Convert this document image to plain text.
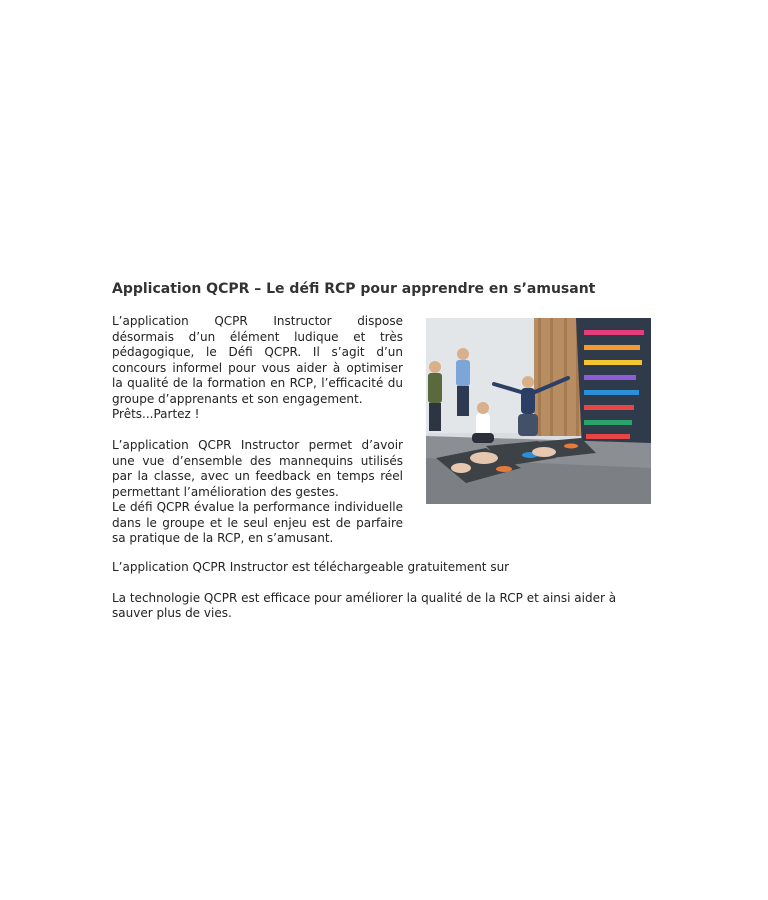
Application QCPR – Le défi RCP pour apprendre en s’amusant

L’application QCPR Instructor dispose désormais d’un élément ludique et très pédagogique, le Défi QCPR. Il s’agit d’un concours informel pour vous aider à optimiser la qualité de la formation en RCP, l’efficacité du groupe d’apprenants et son engagement.

Prêts...Partez !

L’application QCPR Instructor permet d’avoir une vue d’ensemble des mannequins utilisés par la classe, avec un feedback en temps réel permettant l’amélioration des gestes.

Le défi QCPR évalue la performance individuelle dans le groupe et le seul enjeu est de parfaire sa pratique de la RCP, en s’amusant.

L’application QCPR Instructor est téléchargeable gratuitement sur

La technologie QCPR est efficace pour améliorer la qualité de la RCP et ainsi aider à sauver plus de vies.
